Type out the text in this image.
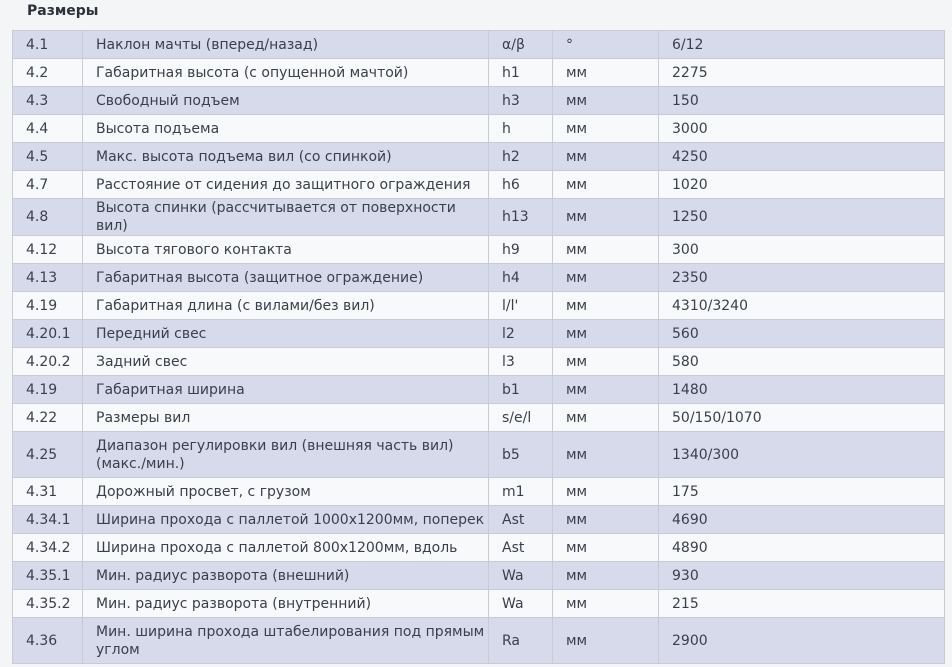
Размеры
4.1	Наклон мачты (вперед/назад)	α/β	°	6/12
4.2	Габаритная высота (с опущенной мачтой)	h1	мм	2275
4.3	Свободный подъем	h3	мм	150
4.4	Высота подъема	h	мм	3000
4.5	Макс. высота подъема вил (со спинкой)	h2	мм	4250
4.7	Расстояние от сидения до защитного ограждения	h6	мм	1020
4.8	Высота спинки (рассчитывается от поверхности вил)	h13	мм	1250
4.12	Высота тягового контакта	h9	мм	300
4.13	Габаритная высота (защитное ограждение)	h4	мм	2350
4.19	Габаритная длина (с вилами/без вил)	l/l'	мм	4310/3240
4.20.1	Передний свес	l2	мм	560
4.20.2	Задний свес	l3	мм	580
4.19	Габаритная ширина	b1	мм	1480
4.22	Размеры вил	s/e/l	мм	50/150/1070
4.25	Диапазон регулировки вил (внешняя часть вил) (макс./мин.)	b5	мм	1340/300
4.31	Дорожный просвет, с грузом	m1	мм	175
4.34.1	Ширина прохода с паллетой 1000х1200мм, поперек	Ast	мм	4690
4.34.2	Ширина прохода с паллетой 800х1200мм, вдоль	Ast	мм	4890
4.35.1	Мин. радиус разворота (внешний)	Wa	мм	930
4.35.2	Мин. радиус разворота (внутренний)	Wa	мм	215
4.36	Мин. ширина прохода штабелирования под прямым углом	Ra	мм	2900
